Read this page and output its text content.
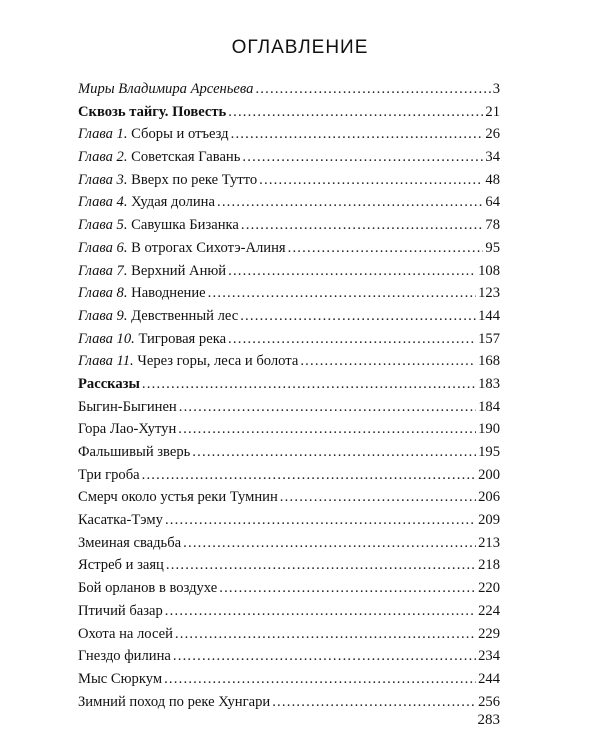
ОГЛАВЛЕНИЕ
Миры Владимира Арсеньева .....	3
Сквозь тайгу. Повесть .....	21
Глава 1. Сборы и отъезд .....	26
Глава 2. Советская Гавань .....	34
Глава 3. Вверх по реке Тутто .....	48
Глава 4. Худая долина .....	64
Глава 5. Савушка Бизанка .....	78
Глава 6. В отрогах Сихотэ-Алиня .....	95
Глава 7. Верхний Анюй .....	108
Глава 8. Наводнение .....	123
Глава 9. Девственный лес .....	144
Глава 10. Тигровая река .....	157
Глава 11. Через горы, леса и болота .....	168
Рассказы .....	183
Быгин-Быгинен .....	184
Гора Лао-Хутун .....	190
Фальшивый зверь .....	195
Три гроба .....	200
Смерч около устья реки Тумнин .....	206
Касатка-Тэму .....	209
Змеиная свадьба .....	213
Ястреб и заяц .....	218
Бой орланов в воздухе .....	220
Птичий базар .....	224
Охота на лосей .....	229
Гнездо филина .....	234
Мыс Сюркум .....	244
Зимний поход по реке Хунгари .....	256
283
